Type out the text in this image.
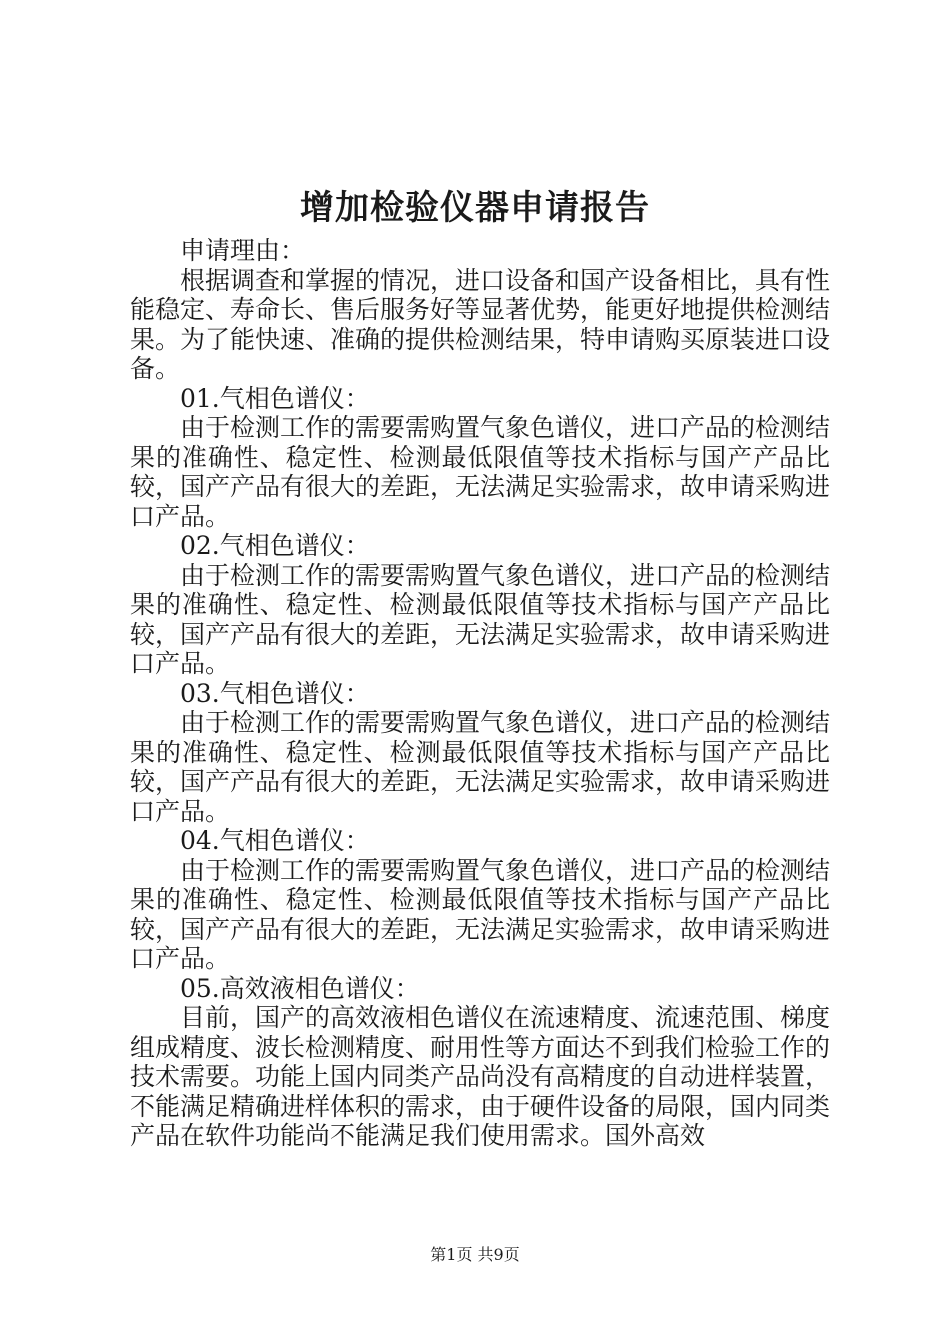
增加检验仪器申请报告

申请理由：

根据调查和掌握的情况，进口设备和国产设备相比，具有性能稳定、寿命长、售后服务好等显著优势，能更好地提供检测结果。为了能快速、准确的提供检测结果，特申请购买原装进口设备。

01.气相色谱仪：

由于检测工作的需要需购置气象色谱仪，进口产品的检测结果的准确性、稳定性、检测最低限值等技术指标与国产产品比较，国产产品有很大的差距，无法满足实验需求，故申请采购进口产品。

02.气相色谱仪：

由于检测工作的需要需购置气象色谱仪，进口产品的检测结果的准确性、稳定性、检测最低限值等技术指标与国产产品比较，国产产品有很大的差距，无法满足实验需求，故申请采购进口产品。

03.气相色谱仪：

由于检测工作的需要需购置气象色谱仪，进口产品的检测结果的准确性、稳定性、检测最低限值等技术指标与国产产品比较，国产产品有很大的差距，无法满足实验需求，故申请采购进口产品。

04.气相色谱仪：

由于检测工作的需要需购置气象色谱仪，进口产品的检测结果的准确性、稳定性、检测最低限值等技术指标与国产产品比较，国产产品有很大的差距，无法满足实验需求，故申请采购进口产品。

05.高效液相色谱仪：

目前，国产的高效液相色谱仪在流速精度、流速范围、梯度组成精度、波长检测精度、耐用性等方面达不到我们检验工作的技术需要。功能上国内同类产品尚没有高精度的自动进样装置，不能满足精确进样体积的需求，由于硬件设备的局限，国内同类产品在软件功能尚不能满足我们使用需求。国外高效

第1页 共9页
